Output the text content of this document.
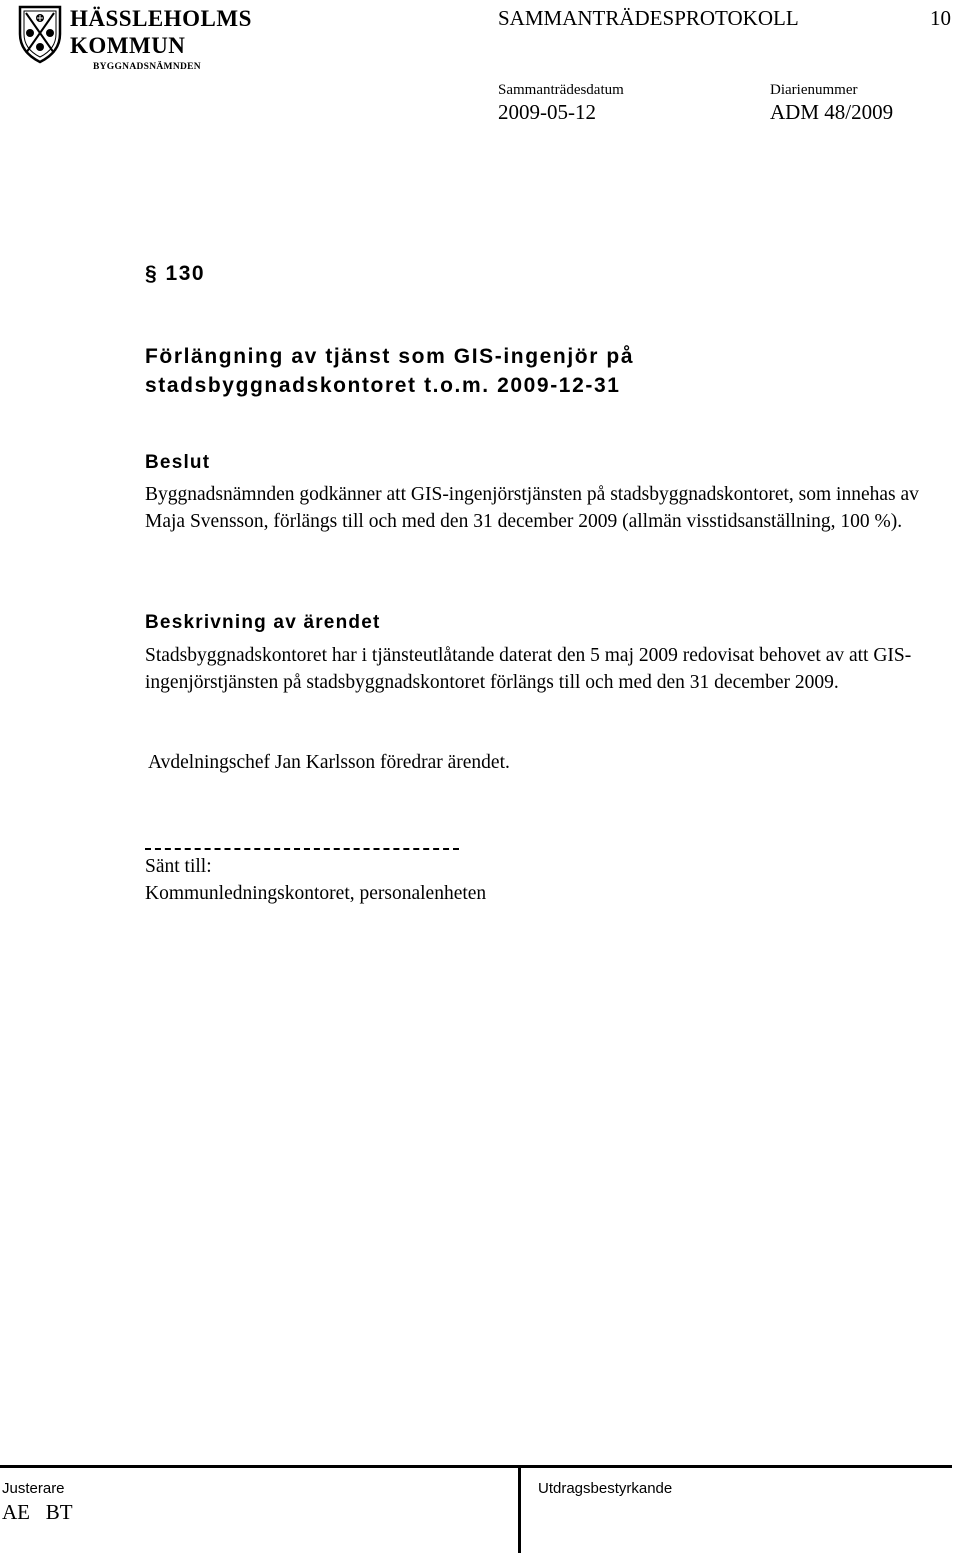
HÄSSLEHOLMS
KOMMUN
BYGGNADSNÄMNDEN
SAMMANTRÄDESPROTOKOLL	10
Sammanträdesdatum
2009-05-12
Diarienummer
ADM 48/2009
§ 130
Förlängning av tjänst som GIS-ingenjör på stadsbyggnadskontoret t.o.m. 2009-12-31
Beslut
Byggnadsnämnden godkänner att GIS-ingenjörstjänsten på stadsbyggnadskontoret, som innehas av Maja Svensson, förlängs till och med den 31 december 2009 (allmän visstidsanställning, 100 %).
Beskrivning av ärendet
Stadsbyggnadskontoret har i tjänsteutlåtande daterat den 5 maj 2009 redovisat behovet av att GIS-ingenjörstjänsten på stadsbyggnadskontoret förlängs till och med den 31 december 2009.
Avdelningschef Jan Karlsson föredrar ärendet.
Sänt till:
Kommunledningskontoret, personalenheten
Justerare
AE   BT
Utdragsbestyrkande
